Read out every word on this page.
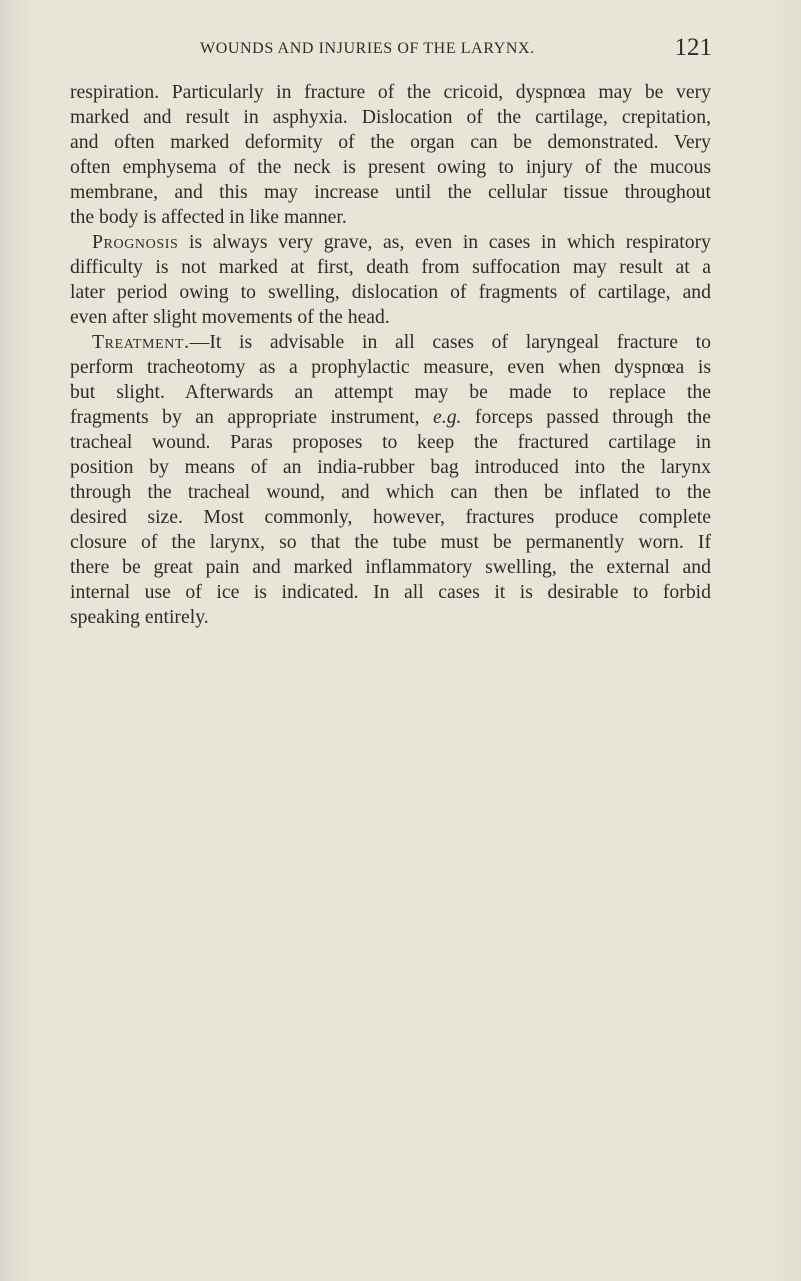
WOUNDS AND INJURIES OF THE LARYNX.	121
respiration. Particularly in fracture of the cricoid, dyspnœa may be very
marked and result in asphyxia. Dislocation of the cartilage, crepitation,
and often marked deformity of the organ can be demonstrated. Very
often emphysema of the neck is present owing to injury of the mucous
membrane, and this may increase until the cellular tissue throughout
the body is affected in like manner.
Prognosis is always very grave, as, even in cases in which respiratory
difficulty is not marked at first, death from suffocation may result at a
later period owing to swelling, dislocation of fragments of cartilage, and
even after slight movements of the head.
Treatment.—It is advisable in all cases of laryngeal fracture to
perform tracheotomy as a prophylactic measure, even when dyspnœa is
but slight. Afterwards an attempt may be made to replace the
fragments by an appropriate instrument, e.g. forceps passed through the
tracheal wound. Paras proposes to keep the fractured cartilage in
position by means of an india-rubber bag introduced into the larynx
through the tracheal wound, and which can then be inflated to the
desired size. Most commonly, however, fractures produce complete
closure of the larynx, so that the tube must be permanently worn. If
there be great pain and marked inflammatory swelling, the external and
internal use of ice is indicated. In all cases it is desirable to forbid
speaking entirely.
